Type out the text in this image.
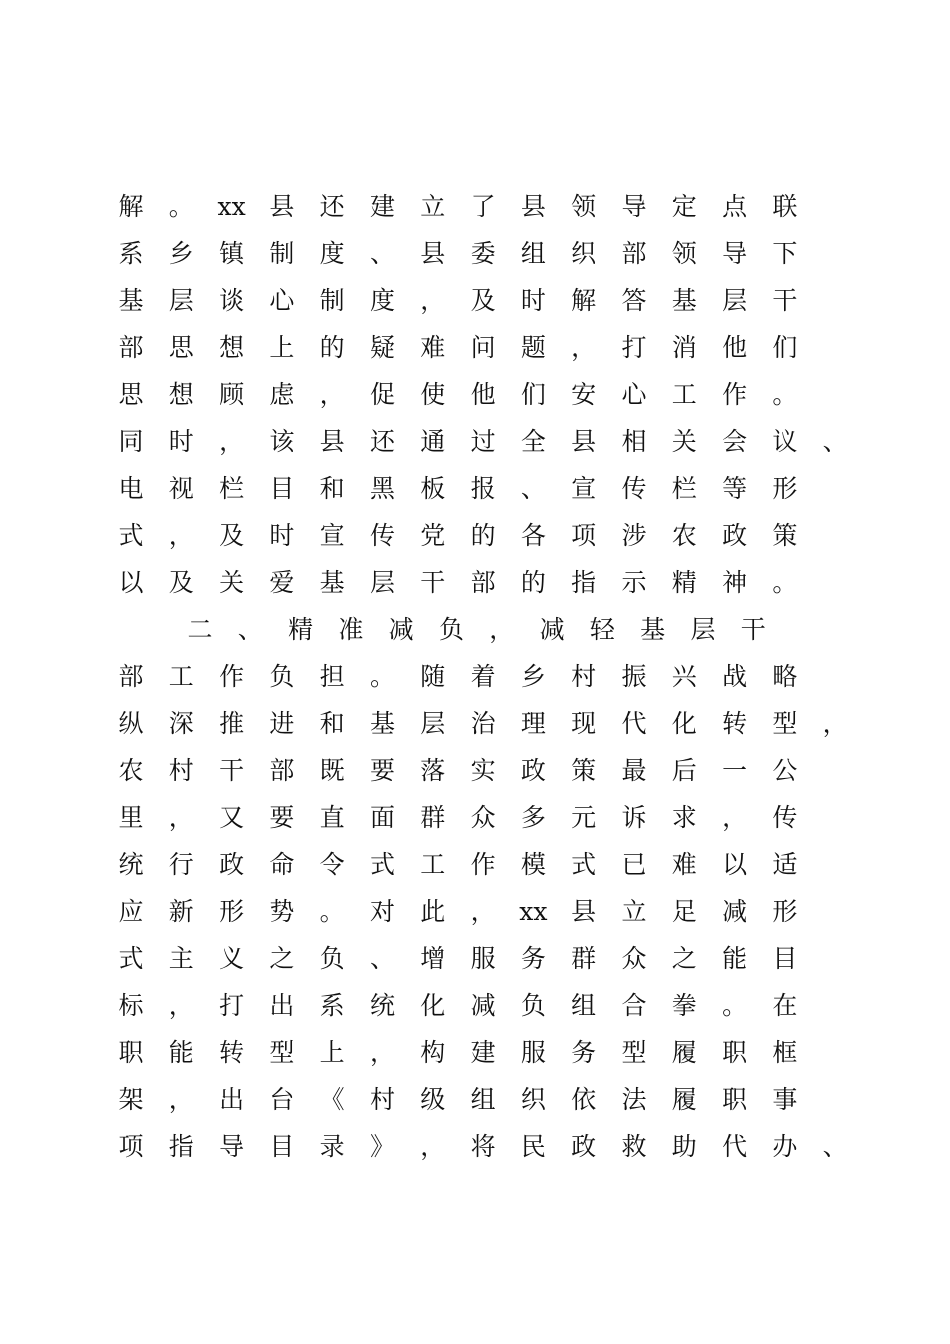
解	。 xx 县	还	建	立	了	县	领	导	定	点	联
系	乡	镇	制	度	、	县	委	组	织	部	领	导	下
基	层	谈	心	制	度	，	及	时	解	答	基	层	干
部	思	想	上	的	疑	难	问	题	，	打	消	他	们
思	想	顾	虑	，	促	使	他	们	安	心	工	作	。
同	时	，	该	县	还	通	过	全	县	相	关	会	议	、
电	视	栏	目	和	黑	板	报	、	宣	传	栏	等	形
式	，	及	时	宣	传	党	的	各	项	涉	农	政	策
以	及	关	爱	基	层	干	部	的	指	示	精	神	。
二	、	精	准	减	负	，	减	轻	基	层	干
部	工	作	负	担	。	随	着	乡	村	振	兴	战	略
纵	深	推	进	和	基	层	治	理	现	代	化	转	型	，
农	村	干	部	既	要	落	实	政	策	最	后	一	公
里	，	又	要	直	面	群	众	多	元	诉	求	，	传
统	行	政	命	令	式	工	作	模	式	已	难	以	适
应	新	形	势	。	对	此	， xx 县	立	足	减	形
式	主	义	之	负	、	增	服	务	群	众	之	能	目
标	，	打	出	系	统	化	减	负	组	合	拳	。	在
职	能	转	型	上	，	构	建	服	务	型	履	职	框
架	，	出	台	《	村	级	组	织	依	法	履	职	事
项	指	导	目	录	》	，	将	民	政	救	助	代	办	、
